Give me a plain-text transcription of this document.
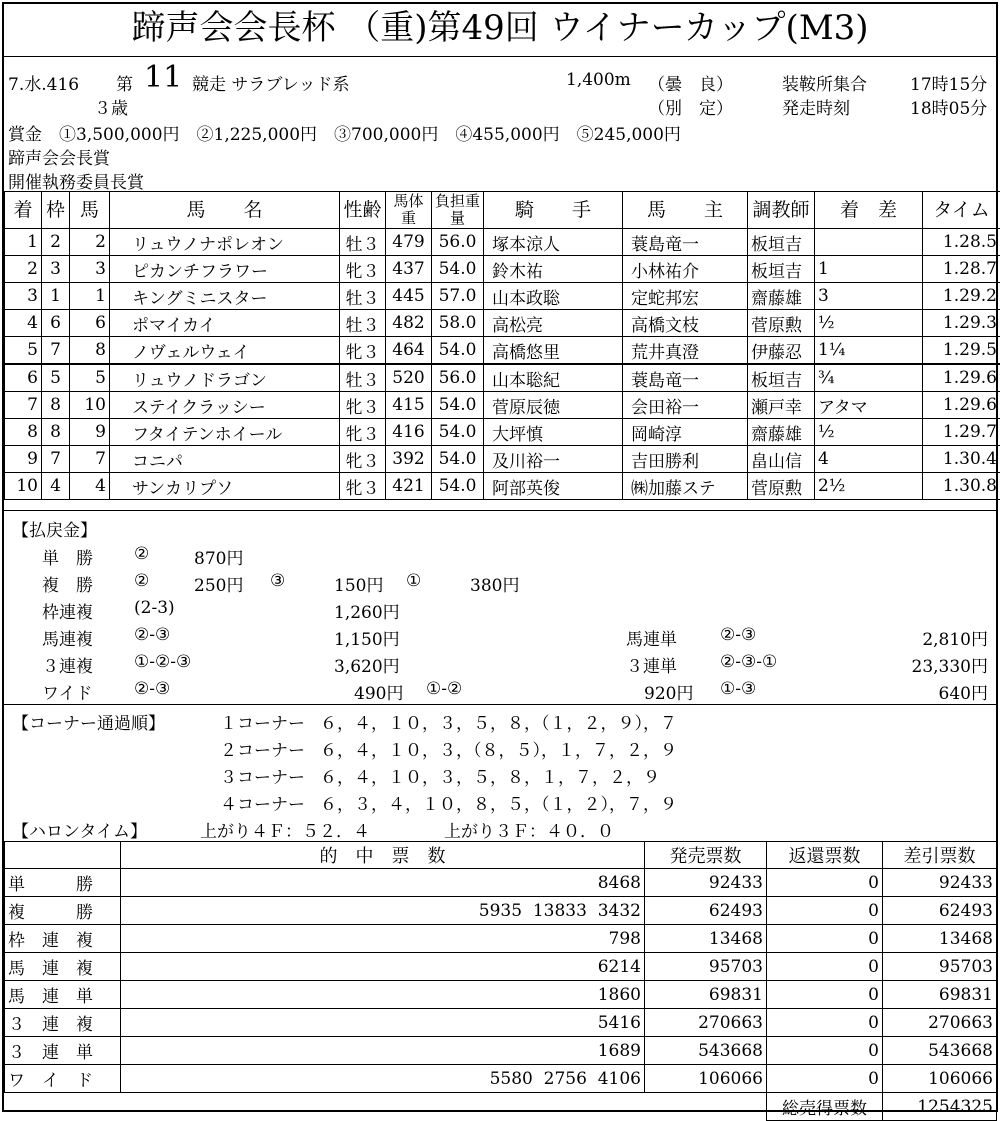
蹄声会会長杯 （重)第49回 ウイナーカップ(M3)
7.水.416 第 11 競走 サラブレッド系
３歳
1,400m （曇　良）
（別　定）
装鞍所集合	17時15分
発走時刻	18時05分
賞金　①3,500,000円　②1,225,000円　③700,000円　④455,000円　⑤245,000円
蹄声会会長賞
開催執務委員長賞
着	枠	馬	馬　　名	性齢	馬体重	負担重量	騎　　手	馬　　主	調教師	着　差	タイム
1	2	2	リュウノナポレオン	牡３	479	56.0	塚本涼人	蓑島竜一	板垣吉		1.28.5
2	3	3	ピカンチフラワー	牝３	437	54.0	鈴木祐	小林祐介	板垣吉	1	1.28.7
3	1	1	キングミニスター	牡３	445	57.0	山本政聡	定蛇邦宏	齋藤雄	3	1.29.2
4	6	6	ポマイカイ	牡３	482	58.0	高松亮	高橋文枝	菅原勲	½	1.29.3
5	7	8	ノヴェルウェイ	牝３	464	54.0	高橋悠里	荒井真澄	伊藤忍	1¼	1.29.5
6	5	5	リュウノドラゴン	牡３	520	56.0	山本聡紀	蓑島竜一	板垣吉	¾	1.29.6
7	8	10	ステイクラッシー	牝３	415	54.0	菅原辰徳	会田裕一	瀬戸幸	アタマ	1.29.6
8	8	9	フタイテンホイール	牝３	416	54.0	大坪慎	岡崎淳	齋藤雄	½	1.29.7
9	7	7	コニパ	牝３	392	54.0	及川裕一	吉田勝利	畠山信	4	1.30.4
10	4	4	サンカリプソ	牝３	421	54.0	阿部英俊	㈱加藤ステ	菅原勲	2½	1.30.8
【払戻金】
単　勝 ②	870円
複　勝 ②	250円 ③	150円 ①	380円
枠連複 (2-3)	1,260円
馬連複 ②-③	1,150円	馬連単	②-③	2,810円
３連複 ①-②-③	3,620円	３連単	②-③-①	23,330円
ワイド ②-③	490円 ①-②	920円 ①-③	640円
【コーナー通過順】	１コーナー ６，４，１０，３，５，８，（１，２，９），７
２コーナー ６，４，１０，３，（８，５），１，７，２，９
３コーナー ６，４，１０，３，５，８，１，７，２，９
４コーナー ６，３，４，１０，８，５，（１，２），７，９
【ハロンタイム】	上がり４Ｆ：５２．４	上がり３Ｆ：４０．０
	的　中　票　数	発売票数	返還票数	差引票数
単　　　勝	8468	92433	0	92433
複　　　勝	5935  13833  3432	62493	0	62493
枠　連　複	798	13468	0	13468
馬　連　複	6214	95703	0	95703
馬　連　単	1860	69831	0	69831
３　連　複	5416	270663	0	270663
３　連　単	1689	543668	0	543668
ワ　イ　ド	5580  2756  4106	106066	0	106066
			総売得票数	1254325
